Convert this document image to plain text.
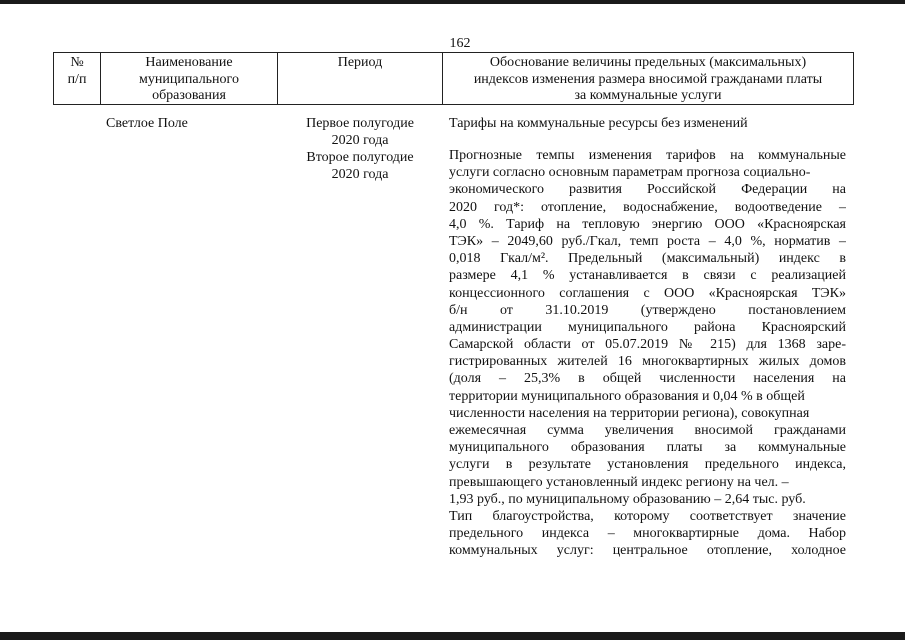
162
№
п/п
Наименование
муниципального
образования
Период	Обоснование величины предельных (максимальных)
индексов изменения размера вносимой гражданами платы
за коммунальные услуги
Светлое Поле	Первое полугодие
2020 года
Тарифы на коммунальные ресурсы без изменений
Второе полугодие
2020 года
Прогнозные темпы изменения тарифов на коммунальные
услуги согласно основным параметрам прогноза социально-
экономического развития Российской Федерации на
2020 год*: отопление, водоснабжение, водоотведение –
4,0 %. Тариф на тепловую энергию ООО «Красноярская
ТЭК» – 2049,60 руб./Гкал, темп роста – 4,0 %, норматив –
0,018 Гкал/м². Предельный (максимальный) индекс в
размере 4,1 % устанавливается в связи с реализацией
концессионного соглашения с ООО «Красноярская ТЭК»
б/н от 31.10.2019 (утверждено постановлением
администрации муниципального района Красноярский
Самарской области от 05.07.2019 № 215) для 1368 заре-
гистрированных жителей 16 многоквартирных жилых домов
(доля – 25,3% в общей численности населения на
территории муниципального образования и 0,04 % в общей
численности населения на территории региона), совокупная
ежемесячная сумма увеличения вносимой гражданами
муниципального образования платы за коммунальные
услуги в результате установления предельного индекса,
превышающего установленный индекс региону на чел. –
1,93 руб., по муниципальному образованию – 2,64 тыс. руб.
Тип благоустройства, которому соответствует значение
предельного индекса – многоквартирные дома. Набор
коммунальных услуг: центральное отопление, холодное
